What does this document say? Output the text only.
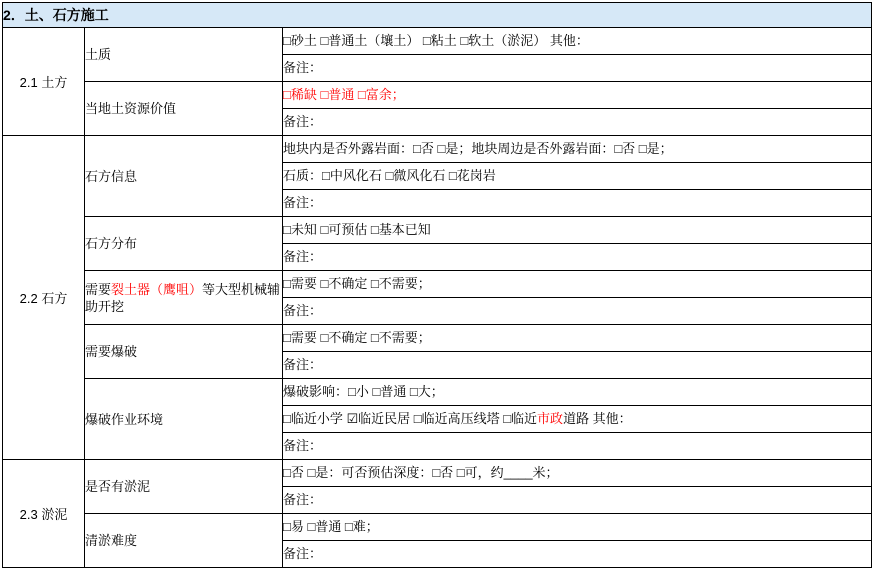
2．土、石方施工		
2.1 土方	土质	□砂土 □普通土（壤土） □粘土 □软土（淤泥） 其他：
		备注：
	当地土资源价值	□稀缺 □普通 □富余；
		备注：
2.2 石方	石方信息	地块内是否外露岩面：□否 □是；地块周边是否外露岩面：□否 □是；
		石质：□中风化石 □微风化石 □花岗岩
		备注：
	石方分布	□未知 □可预估 □基本已知
		备注：
	需要裂土器（鹰咀）等大型机械辅助开挖	□需要 □不确定 □不需要；
		备注：
	需要爆破	□需要 □不确定 □不需要；
		备注：
	爆破作业环境	爆破影响：□小 □普通 □大；
		□临近小学 ☑临近民居 □临近高压线塔 □临近市政道路 其他：
		备注：
2.3 淤泥	是否有淤泥	□否 □是：可否预估深度：□否 □可，约____米；
		备注：
	清淤难度	□易 □普通 □难；
		备注：
